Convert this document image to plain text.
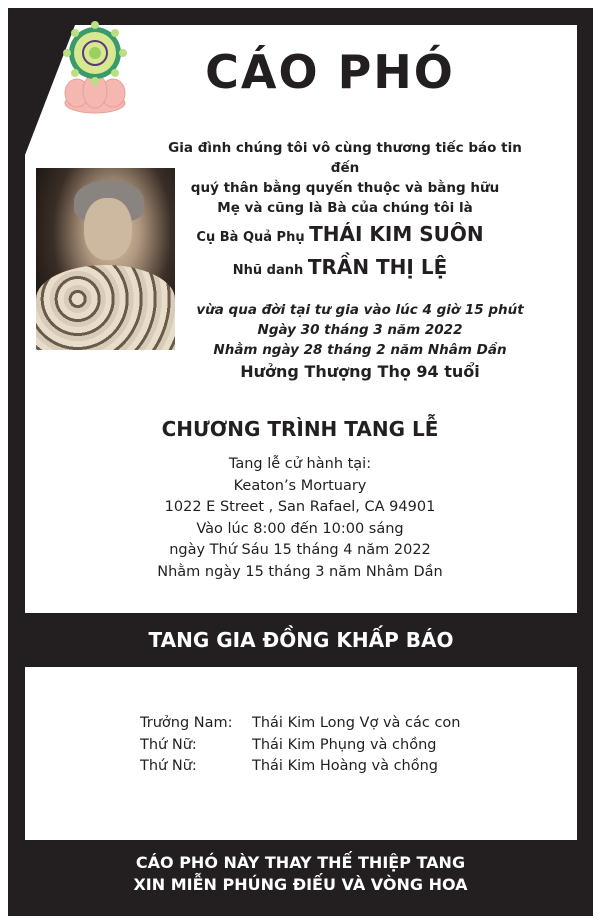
CÁO PHÓ
Gia đình chúng tôi vô cùng thương tiếc báo tin đến
quý thân bằng quyến thuộc và bằng hữu
Mẹ và cũng là Bà của chúng tôi là
Cụ Bà Quả Phụ THÁI KIM SUÔN
Nhũ danh TRẦN THỊ LỆ
vừa qua đời tại tư gia vào lúc 4 giờ 15 phút
Ngày 30 tháng 3 năm 2022
Nhằm ngày 28 tháng 2 năm Nhâm Dần
Hưởng Thượng Thọ 94 tuổi
CHƯƠNG TRÌNH TANG LỄ
Tang lễ cử hành tại:
Keaton’s Mortuary
1022 E Street , San Rafael, CA 94901
Vào lúc 8:00 đến 10:00 sáng
ngày Thứ Sáu 15 tháng 4 năm 2022
Nhằm ngày 15 tháng 3 năm Nhâm Dần
TANG GIA ĐỒNG KHẤP BÁO
Trưởng Nam:	Thái Kim Long Vợ và các con
Thứ Nữ:	Thái Kim Phụng và chồng
Thứ Nữ:	Thái Kim Hoàng và chồng
CÁO PHÓ NÀY THAY THẾ THIỆP TANG
XIN MIỄN PHÚNG ĐIẾU VÀ VÒNG HOA
